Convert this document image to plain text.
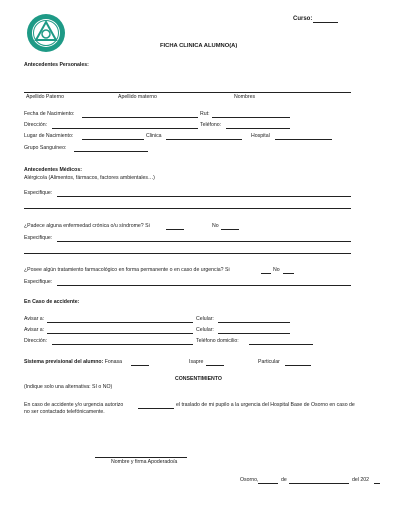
Curso:
FICHA CLINICA ALUMNO(A)
Antecedentes Personales:
Apellido Paterno	Apellido materno	Nombres
Fecha de Nacimiento:	Rut:
Dirección:	Teléfono:
Lugar de Nacimiento:	Clinica	Hospital
Grupo Sanguíneo:
Antecedentes Médicos:
Alérgico/a (Alimentos, fármacos, factores ambientales…)
Especifique:
¿Padece alguna enfermedad crónica o/u síndrome? Si	No
Especifique:
¿Posee algún tratamiento farmacológico en forma permanente o en caso de urgencia? Si	No
Especifique:
En Caso de accidente:
Avisar a:	Celular:
Avisar a:	Celular:
Dirección:	Teléfono domicilio:
Sistema previsional del alumno: Fonasa	Isapre	Particular
CONSENTIMIENTO
(Indique solo una alternativa: SI o NO)
En caso de accidente y/o urgencia autorizo	el traslado de mi pupilo a la urgencia del Hospital Base de Osorno en caso de
no ser contactado telefónicamente.
Nombre y firma Apoderado/a
Osorno,	de	del 202
